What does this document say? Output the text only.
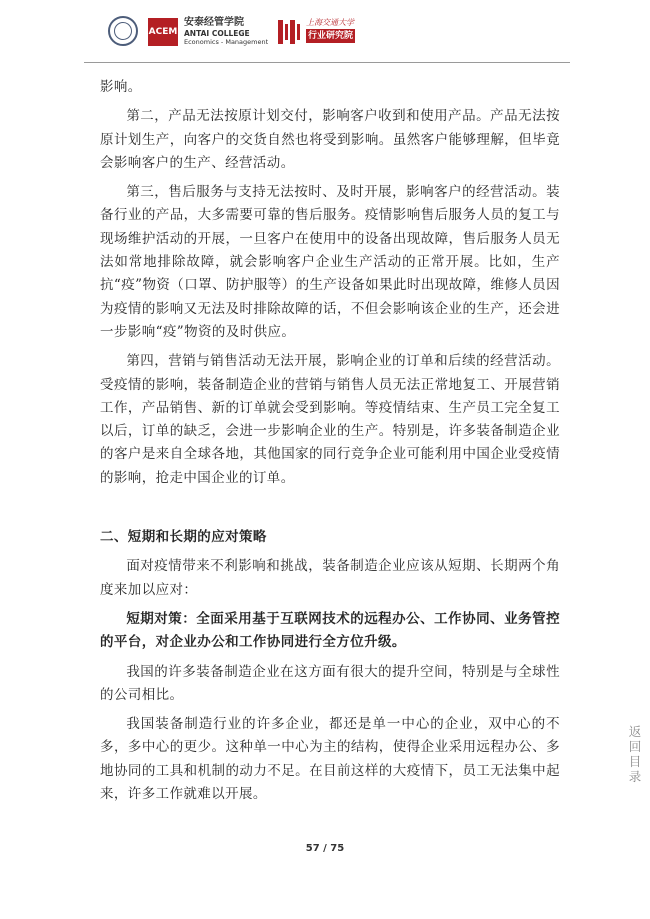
ACEM
安泰经管学院
ANTAI COLLEGE
Economics - Management
上海交通大学
行业研究院

影响。

第二，产品无法按原计划交付，影响客户收到和使用产品。产品无法按原计划生产，向客户的交货自然也将受到影响。虽然客户能够理解，但毕竟会影响客户的生产、经营活动。

第三，售后服务与支持无法按时、及时开展，影响客户的经营活动。装备行业的产品，大多需要可靠的售后服务。疫情影响售后服务人员的复工与现场维护活动的开展，一旦客户在使用中的设备出现故障，售后服务人员无法如常地排除故障，就会影响客户企业生产活动的正常开展。比如，生产抗“疫”物资（口罩、防护服等）的生产设备如果此时出现故障，维修人员因为疫情的影响又无法及时排除故障的话，不但会影响该企业的生产，还会进一步影响“疫”物资的及时供应。

第四，营销与销售活动无法开展，影响企业的订单和后续的经营活动。受疫情的影响，装备制造企业的营销与销售人员无法正常地复工、开展营销工作，产品销售、新的订单就会受到影响。等疫情结束、生产员工完全复工以后，订单的缺乏，会进一步影响企业的生产。特别是，许多装备制造企业的客户是来自全球各地，其他国家的同行竞争企业可能利用中国企业受疫情的影响，抢走中国企业的订单。

二、短期和长期的应对策略

面对疫情带来不利影响和挑战，装备制造企业应该从短期、长期两个角度来加以应对：

短期对策：全面采用基于互联网技术的远程办公、工作协同、业务管控的平台，对企业办公和工作协同进行全方位升级。

我国的许多装备制造企业在这方面有很大的提升空间，特别是与全球性的公司相比。

我国装备制造行业的许多企业，都还是单一中心的企业，双中心的不多，多中心的更少。这种单一中心为主的结构，使得企业采用远程办公、多地协同的工具和机制的动力不足。在目前这样的大疫情下，员工无法集中起来，许多工作就难以开展。

返回目录
57 / 75
